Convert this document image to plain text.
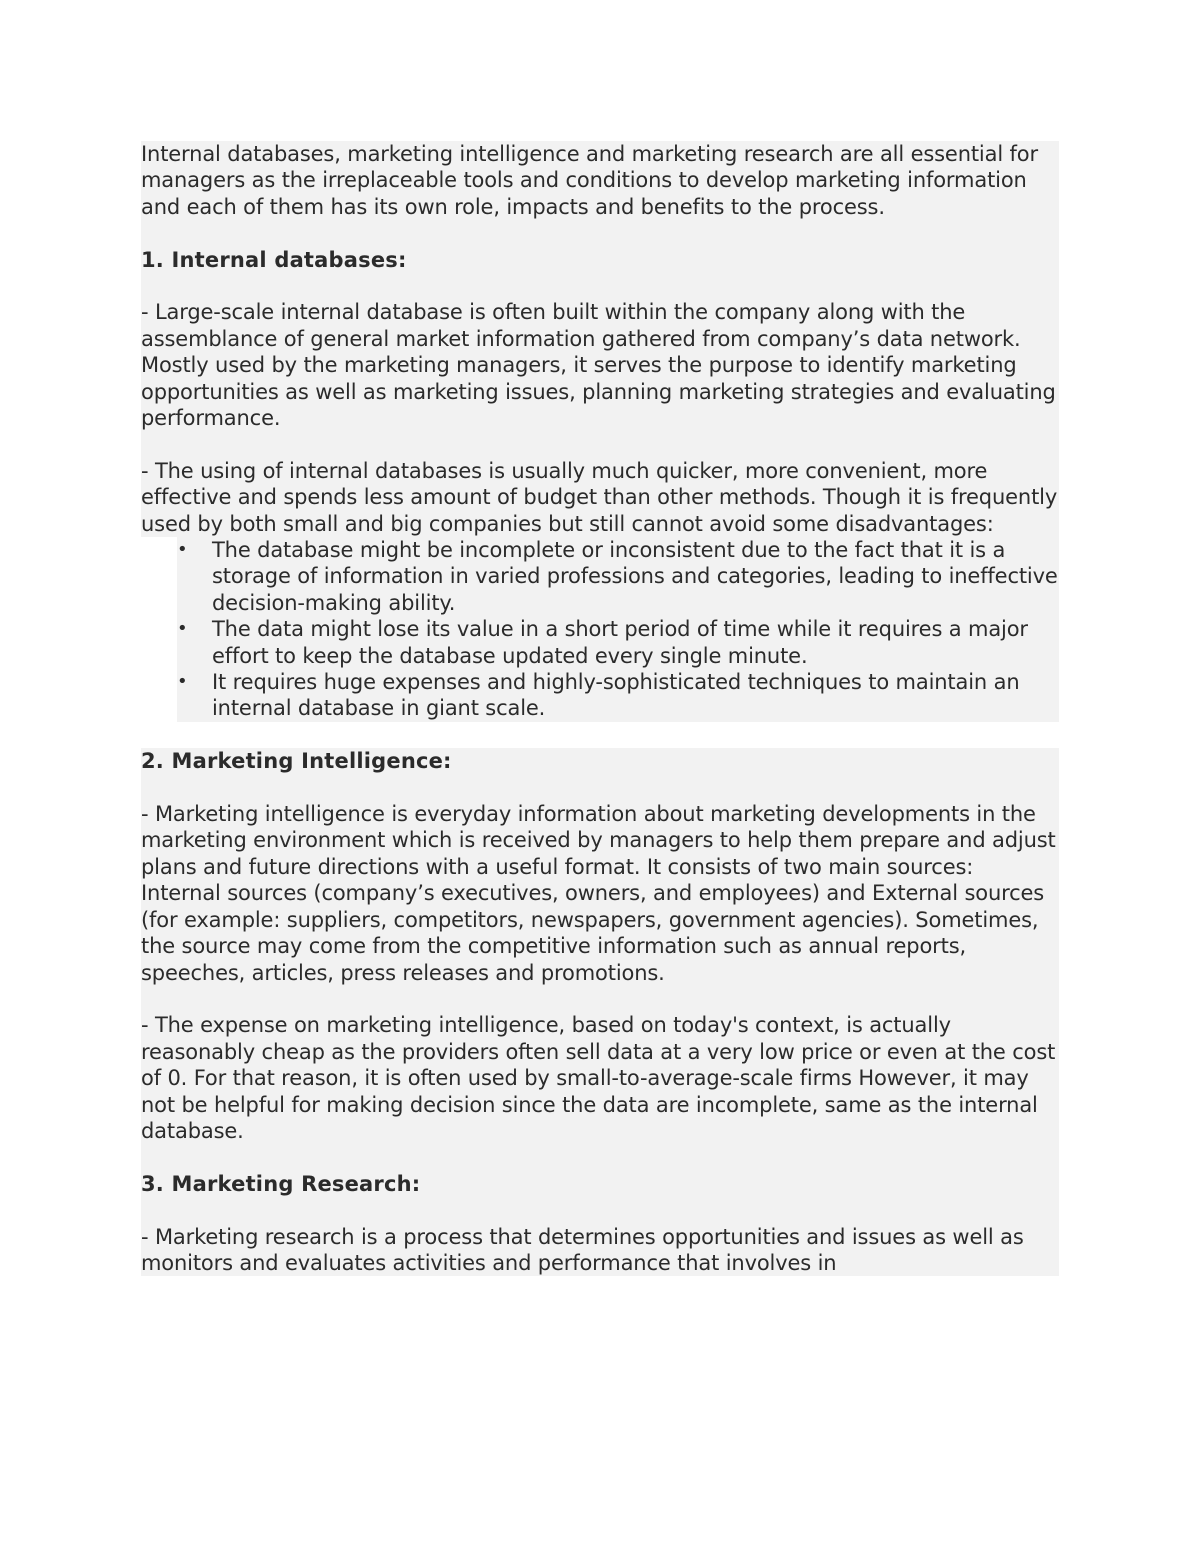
Internal databases, marketing intelligence and marketing research are all essential for managers as the irreplaceable tools and conditions to develop marketing information and each of them has its own role, impacts and benefits to the process.

1. Internal databases:

- Large-scale internal database is often built within the company along with the assemblance of general market information gathered from company’s data network. Mostly used by the marketing managers, it serves the purpose to identify marketing opportunities as well as marketing issues, planning marketing strategies and evaluating performance.

- The using of internal databases is usually much quicker, more convenient, more effective and spends less amount of budget than other methods. Though it is frequently used by both small and big companies but still cannot avoid some disadvantages:

•	The database might be incomplete or inconsistent due to the fact that it is a storage of information in varied professions and categories, leading to ineffective decision-making ability.
•	The data might lose its value in a short period of time while it requires a major effort to keep the database updated every single minute.
•	It requires huge expenses and highly-sophisticated techniques to maintain an internal database in giant scale.
2. Marketing Intelligence:

- Marketing intelligence is everyday information about marketing developments in the marketing environment which is received by managers to help them prepare and adjust plans and future directions with a useful format. It consists of two main sources: Internal sources (company’s executives, owners, and employees) and External sources (for example: suppliers, competitors, newspapers, government agencies). Sometimes, the source may come from the competitive information such as annual reports, speeches, articles, press releases and promotions.

- The expense on marketing intelligence, based on today's context, is actually reasonably cheap as the providers often sell data at a very low price or even at the cost of 0. For that reason, it is often used by small-to-average-scale firms However, it may not be helpful for making decision since the data are incomplete, same as the internal database.

3. Marketing Research:

- Marketing research is a process that determines opportunities and issues as well as monitors and evaluates activities and performance that involves in
